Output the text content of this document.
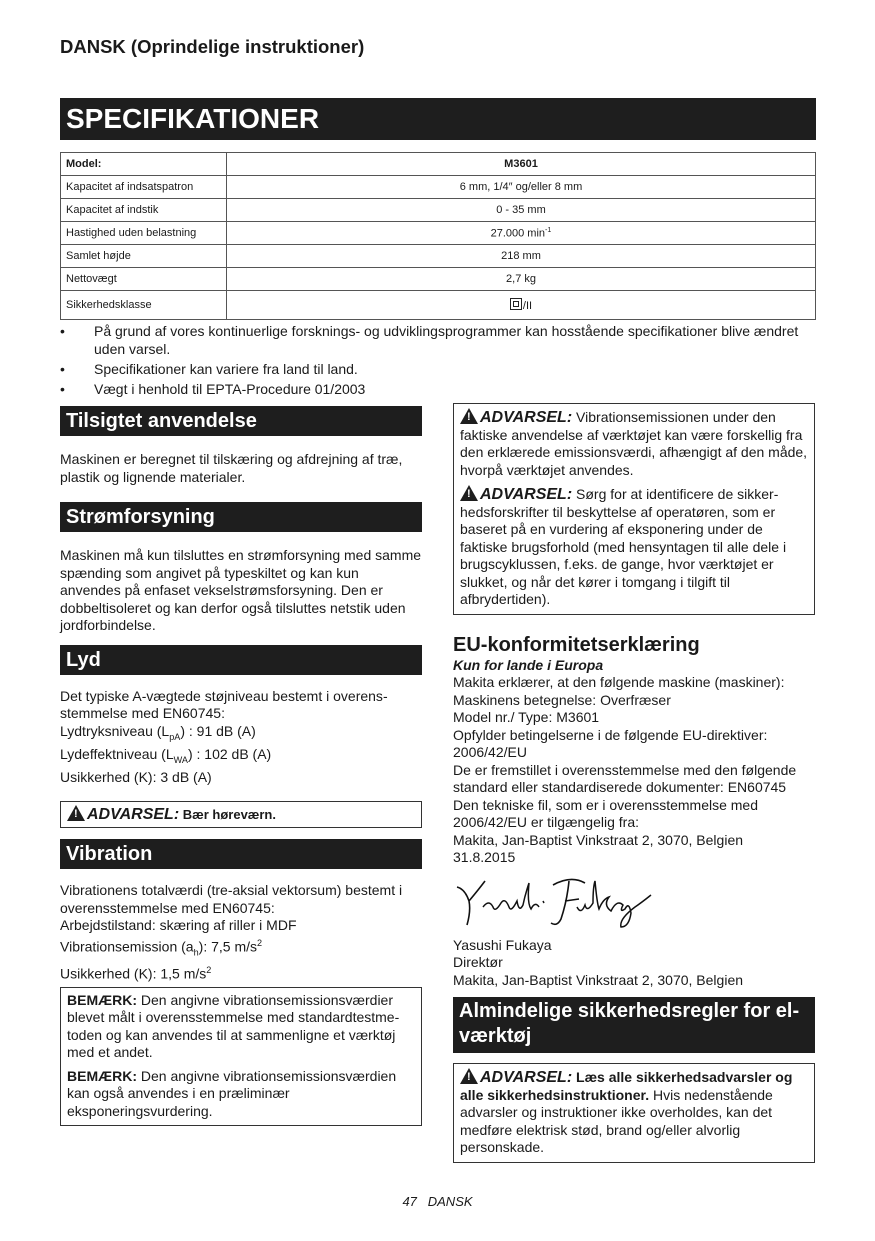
DANSK (Oprindelige instruktioner)
SPECIFIKATIONER
Model:	M3601
Kapacitet af indsatspatron	6 mm, 1/4″ og/eller 8 mm
Kapacitet af indstik	0 - 35 mm
Hastighed uden belastning	27.000 $\min^{-1}$
Samlet højde	218 mm
Nettovægt	2,7 kg
Sikkerhedsklasse	/II
•	På grund af vores kontinuerlige forsknings- og udviklingsprogrammer kan hosstående specifikationer blive ændret uden varsel.
•	Specifikationer kan variere fra land til land.
•	Vægt i henhold til EPTA-Procedure 01/2003
Tilsigtet anvendelse

Maskinen er beregnet til tilskæring og afdrejning af træ, plastik og lignende materialer.

Strømforsyning

Maskinen må kun tilsluttes en strømforsyning med samme spænding som angivet på typeskiltet og kan kun anvendes på enfaset vekselstrømsforsyning. Den er dobbeltisoleret og kan derfor også tilsluttes netstik uden jordforbindelse.

Lyd

Det typiske A-vægtede støjniveau bestemt i overensstemmelse med EN60745:

Lydtryksniveau $(L_{pA})$ : 91 dB (A)

Lydeffektniveau $(L_{WA})$ : 102 dB (A)

Usikkerhed (K): 3 dB (A)

!ADVARSEL: Bær høreværn.
Vibration

Vibrationens totalværdi (tre-aksial vektorsum) bestemt i overensstemmelse med EN60745:

Arbejdstilstand: skæring af riller i MDF

Vibrationsemission $(a_h)$: 7,5 $m/s^2$

Usikkerhed (K): 1,5 $m/s^2$

BEMÆRK: Den angivne vibrationsemissionsværdier blevet målt i overensstemmelse med standardtestmetoden og kan anvendes til at sammenligne et værktøj med et andet.

BEMÆRK: Den angivne vibrationsemissionsværdien kan også anvendes i en præliminær eksponeringsvurdering.

!ADVARSEL: Vibrationsemissionen under den faktiske anvendelse af værktøjet kan være forskellig fra den erklærede emissionsværdi, afhængigt af den måde, hvorpå værktøjet anvendes.

!ADVARSEL: Sørg for at identificere de sikkerhedsforskrifter til beskyttelse af operatøren, som er baseret på en vurdering af eksponering under de faktiske brugsforhold (med hensyntagen til alle dele i brugscyklussen, f.eks. de gange, hvor værktøjet er slukket, og når det kører i tomgang i tilgift til afbrydertiden).

EU-konformitetserklæring

Kun for lande i Europa

Makita erklærer, at den følgende maskine (maskiner):

Maskinens betegnelse: Overfræser

Model nr./ Type: M3601

Opfylder betingelserne i de følgende EU-direktiver:

2006/42/EU

De er fremstillet i overensstemmelse med den følgende standard eller standardiserede dokumenter: EN60745

Den tekniske fil, som er i overensstemmelse med 2006/42/EU er tilgængelig fra:

Makita, Jan-Baptist Vinkstraat 2, 3070, Belgien

31.8.2015

Yasushi Fukaya

Direktør

Makita, Jan-Baptist Vinkstraat 2, 3070, Belgien

Almindelige sikkerhedsregler for el-værktøj

!ADVARSEL: Læs alle sikkerhedsadvarsler og alle sikkerhedsinstruktioner. Hvis nedenstående advarsler og instruktioner ikke overholdes, kan det medføre elektrisk stød, brand og/eller alvorlig personskade.

47 DANSK
